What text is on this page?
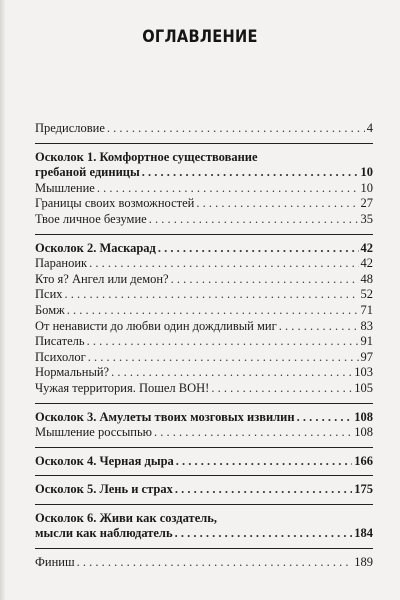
ОГЛАВЛЕНИЕ
Предисловие . . .	4
Осколок 1. Комфортное существование
гребаной единицы . . .	10
Мышление . . .	10
Границы своих возможностей . . .	27
Твое личное безумие . . .	35
Осколок 2. Маскарад . . .	42
Параноик . . .	42
Кто я? Ангел или демон? . . .	48
Псих . . .	52
Бомж . . .	71
От ненависти до любви один дождливый миг . . .	83
Писатель . . .	91
Психолог . . .	97
Нормальный? . . .	103
Чужая территория. Пошел ВОН! . . .	105
Осколок 3. Амулеты твоих мозговых извилин . . .	108
Мышление россыпью . . .	108
Осколок 4. Черная дыра . . .	166
Осколок 5. Лень и страх . . .	175
Осколок 6. Живи как создатель,
мысли как наблюдатель . . .	184
Финиш . . .	189
